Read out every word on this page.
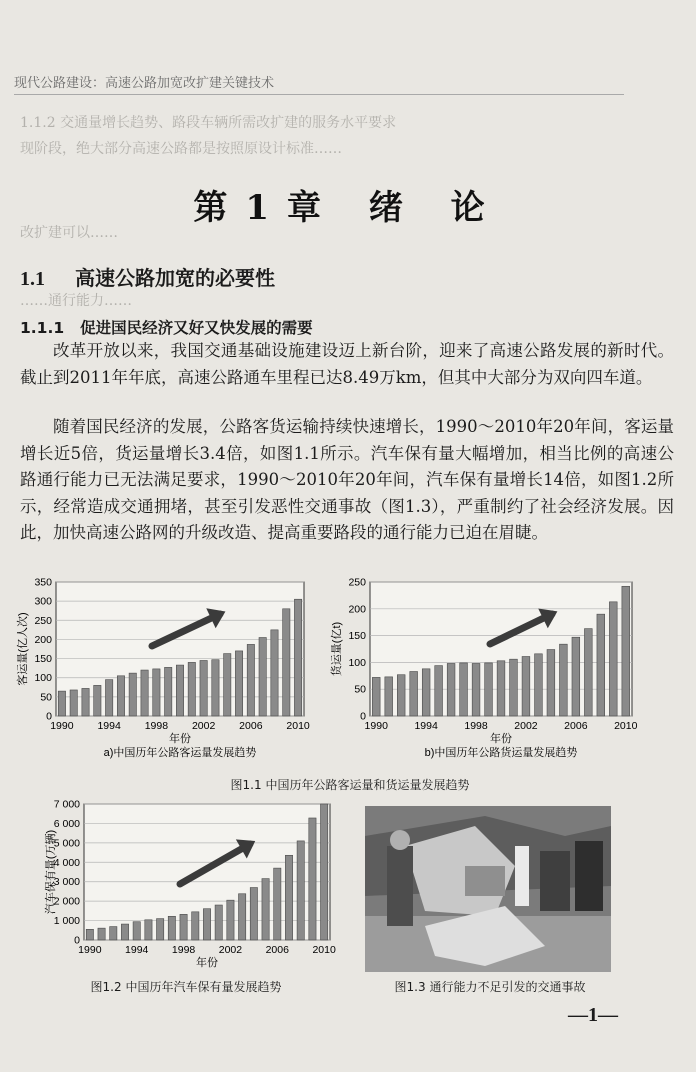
现代公路建设：高速公路加宽改扩建关键技术
1.1.2 交通量增长趋势、路段车辆所需改扩建的服务水平要求
现阶段，绝大部分高速公路都是按照原设计标准……
改扩建可以……
……通行能力……
第1章 绪 论
1.1 高速公路加宽的必要性
1.1.1 促进国民经济又好又快发展的需要
改革开放以来，我国交通基础设施建设迈上新台阶，迎来了高速公路发展的新时代。截止到2011年年底，高速公路通车里程已达8.49万km，但其中大部分为双向四车道。
随着国民经济的发展，公路客货运输持续快速增长，1990～2010年20年间，客运量增长近5倍，货运量增长3.4倍，如图1.1所示。汽车保有量大幅增加，相当比例的高速公路通行能力已无法满足要求，1990～2010年20年间，汽车保有量增长14倍，如图1.2所示，经常造成交通拥堵，甚至引发恶性交通事故（图1.3），严重制约了社会经济发展。因此，加快高速公路网的升级改造、提高重要路段的通行能力已迫在眉睫。
0
50
100
150
200
250
300
350
1990 1994 1998 2002 2006 2010
年份
客运量(亿人次)
a)中国历年公路客运量发展趋势
0
50
100
150
200
250
1990	1994	1998	2002	2006	2010
年份
货运量(亿t)
b)中国历年公路货运量发展趋势
图1.1 中国历年公路客运量和货运量发展趋势
0
1 000
2 000
3 000
4 000
5 000
6 000
7 000
1990 1994 1998 2002 2006 2010
年份
汽车保有量(万辆)
图1.2 中国历年汽车保有量发展趋势	图1.3 通行能力不足引发的交通事故
—1—
